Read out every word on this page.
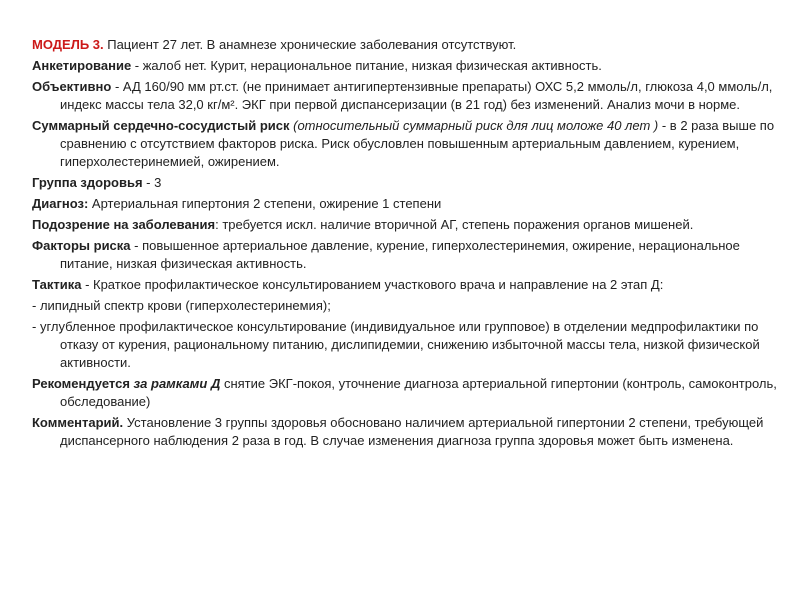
МОДЕЛЬ 3. Пациент 27 лет. В анамнезе хронические заболевания отсутствуют.

Анкетирование - жалоб нет. Курит, нерациональное питание, низкая физическая активность.

Объективно - АД 160/90 мм рт.ст. (не принимает антигипертензивные препараты) ОХС 5,2 ммоль/л, глюкоза 4,0 ммоль/л, индекс массы тела 32,0 кг/м². ЭКГ при первой диспансеризации (в 21 год) без изменений. Анализ мочи в норме.

Суммарный сердечно-сосудистый риск (относительный суммарный риск для лиц моложе 40 лет ) - в 2 раза выше по сравнению с отсутствием факторов риска. Риск обусловлен повышенным артериальным давлением, курением, гиперхолестеринемией, ожирением.

Группа здоровья - 3

Диагноз: Артериальная гипертония 2 степени, ожирение 1 степени

Подозрение на заболевания: требуется искл. наличие вторичной АГ, степень поражения органов мишеней.

Факторы риска - повышенное артериальное давление, курение, гиперхолестеринемия, ожирение, нерациональное питание, низкая физическая активность.

Тактика - Краткое профилактическое консультированием участкового врача и направление на 2 этап Д:

- липидный спектр крови (гиперхолестеринемия);

- углубленное профилактическое консультирование (индивидуальное или групповое) в отделении медпрофилактики по отказу от курения, рациональному питанию, дислипидемии, снижению избыточной массы тела, низкой физической активности.

Рекомендуется за рамками Д снятие ЭКГ-покоя, уточнение диагноза артериальной гипертонии (контроль, самоконтроль, обследование)

Комментарий. Установление 3 группы здоровья обосновано наличием артериальной гипертонии 2 степени, требующей диспансерного наблюдения 2 раза в год. В случае изменения диагноза группа здоровья может быть изменена.
